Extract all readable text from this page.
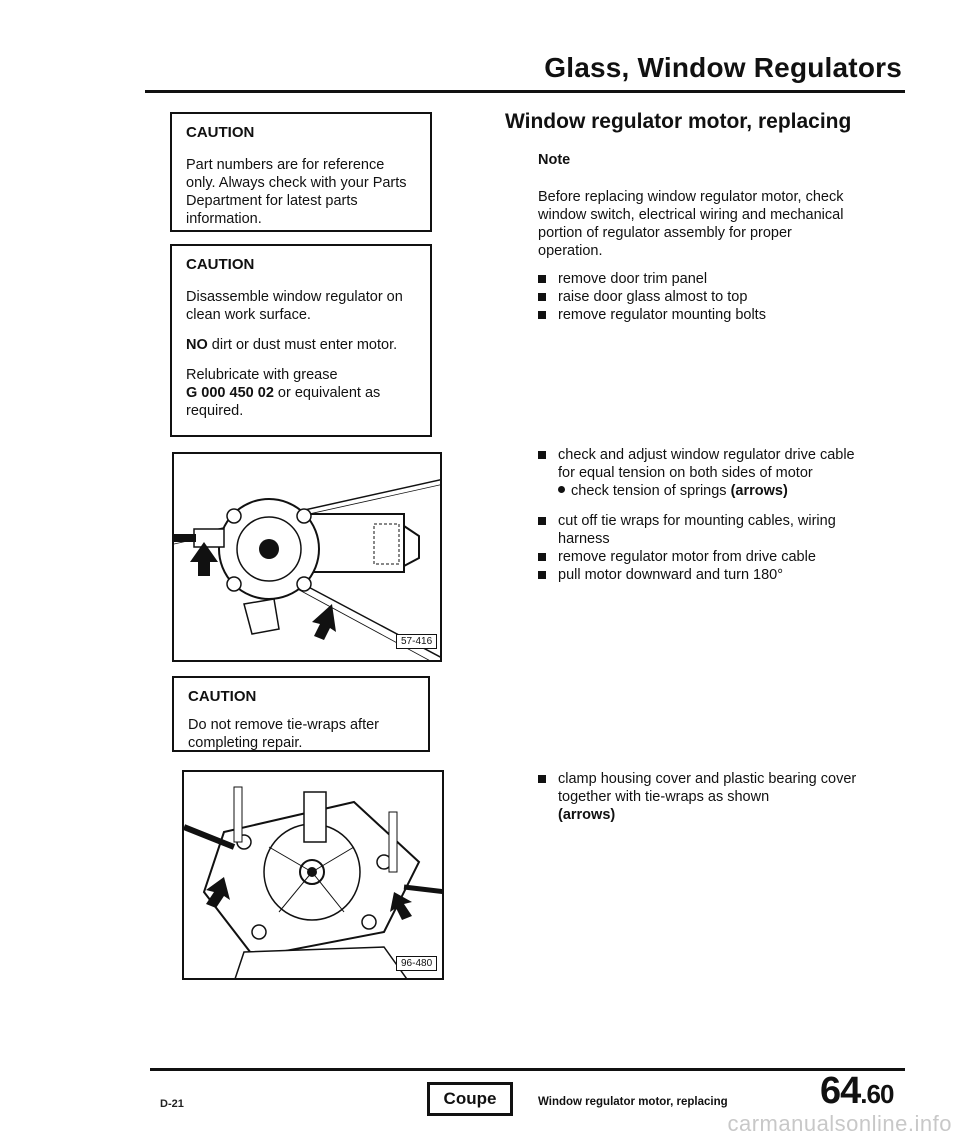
Glass, Window Regulators
CAUTION

Part numbers are for reference only. Always check with your Parts Department for latest parts information.

CAUTION

Disassemble window regulator on clean work surface.

NO dirt or dust must enter motor.

Relubricate with grease
G 000 450 02 or equivalent as required.

57-416
CAUTION

Do not remove tie-wraps after completing repair.

96-480
Window regulator motor, replacing
Note
Before replacing window regulator motor, check window switch, electrical wiring and mechanical portion of regulator assembly for proper operation.
remove door trim panel
raise door glass almost to top
remove regulator mounting bolts
check and adjust window regulator drive cable for equal tension on both sides of motor
check tension of springs (arrows)
cut off tie wraps for mounting cables, wiring harness
remove regulator motor from drive cable
pull motor downward and turn 180°
clamp housing cover and plastic bearing cover together with tie-wraps as shown
(arrows)
D-21	Coupe	Window regulator motor, replacing 64.60
carmanualsonline.info
